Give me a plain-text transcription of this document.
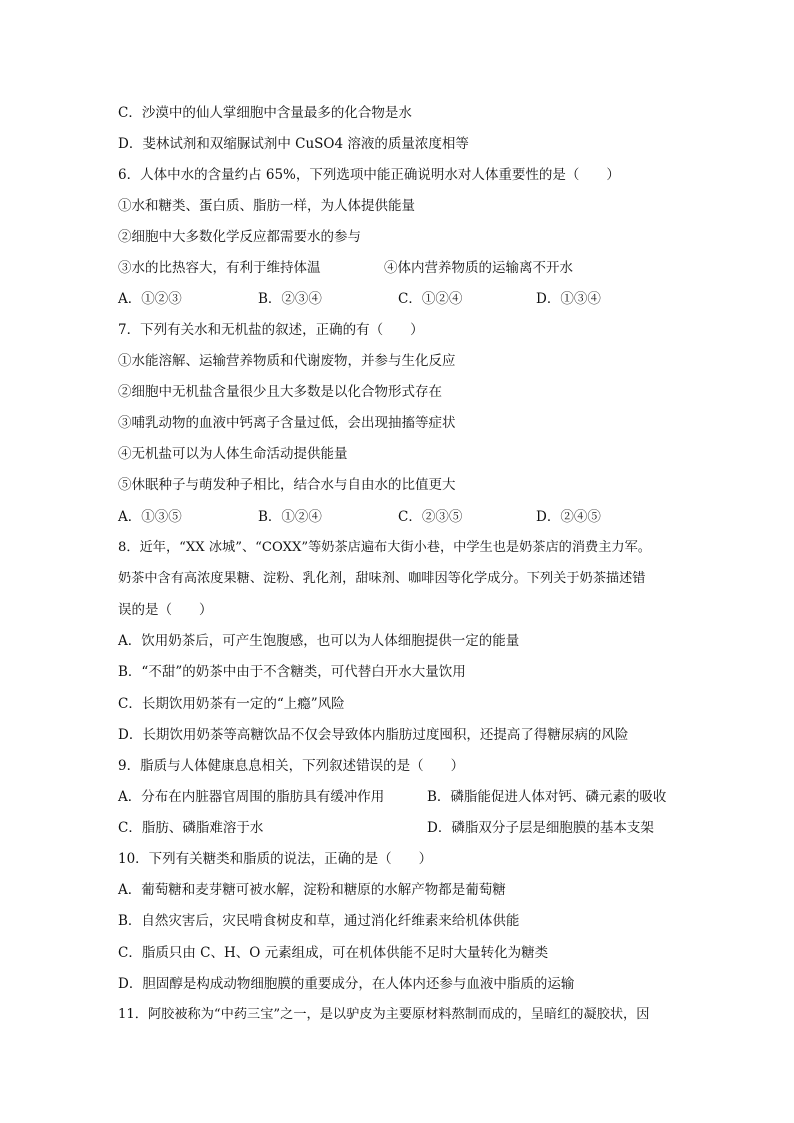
C．沙漠中的仙人掌细胞中含量最多的化合物是水
D．斐林试剂和双缩脲试剂中 CuSO4 溶液的质量浓度相等
6．人体中水的含量约占 65%，下列选项中能正确说明水对人体重要性的是（　　）
①水和糖类、蛋白质、脂肪一样，为人体提供能量
②细胞中大多数化学反应都需要水的参与
③水的比热容大，有利于维持体温	④体内营养物质的运输离不开水
A．①②③	B．②③④	C．①②④	D．①③④
7．下列有关水和无机盐的叙述，正确的有（　　）
①水能溶解、运输营养物质和代谢废物，并参与生化反应
②细胞中无机盐含量很少且大多数是以化合物形式存在
③哺乳动物的血液中钙离子含量过低，会出现抽搐等症状
④无机盐可以为人体生命活动提供能量
⑤休眠种子与萌发种子相比，结合水与自由水的比值更大
A．①③⑤	B．①②④	C．②③⑤	D．②④⑤
8．近年，“XX 冰城”、“COXX”等奶茶店遍布大街小巷，中学生也是奶茶店的消费主力军。
奶茶中含有高浓度果糖、淀粉、乳化剂，甜味剂、咖啡因等化学成分。下列关于奶茶描述错
误的是（　　）
A．饮用奶茶后，可产生饱腹感，也可以为人体细胞提供一定的能量
B．“不甜”的奶茶中由于不含糖类，可代替白开水大量饮用
C．长期饮用奶茶有一定的“上瘾”风险
D．长期饮用奶茶等高糖饮品不仅会导致体内脂肪过度囤积，还提高了得糖尿病的风险
9．脂质与人体健康息息相关，下列叙述错误的是（　　）
A．分布在内脏器官周围的脂肪具有缓冲作用	B．磷脂能促进人体对钙、磷元素的吸收
C．脂肪、磷脂难溶于水	D．磷脂双分子层是细胞膜的基本支架
10．下列有关糖类和脂质的说法，正确的是（　　）
A．葡萄糖和麦芽糖可被水解，淀粉和糖原的水解产物都是葡萄糖
B．自然灾害后，灾民啃食树皮和草，通过消化纤维素来给机体供能
C．脂质只由 C、H、O 元素组成，可在机体供能不足时大量转化为糖类
D．胆固醇是构成动物细胞膜的重要成分，在人体内还参与血液中脂质的运输
11．阿胶被称为“中药三宝”之一，是以驴皮为主要原材料熬制而成的，呈暗红的凝胶状，因
